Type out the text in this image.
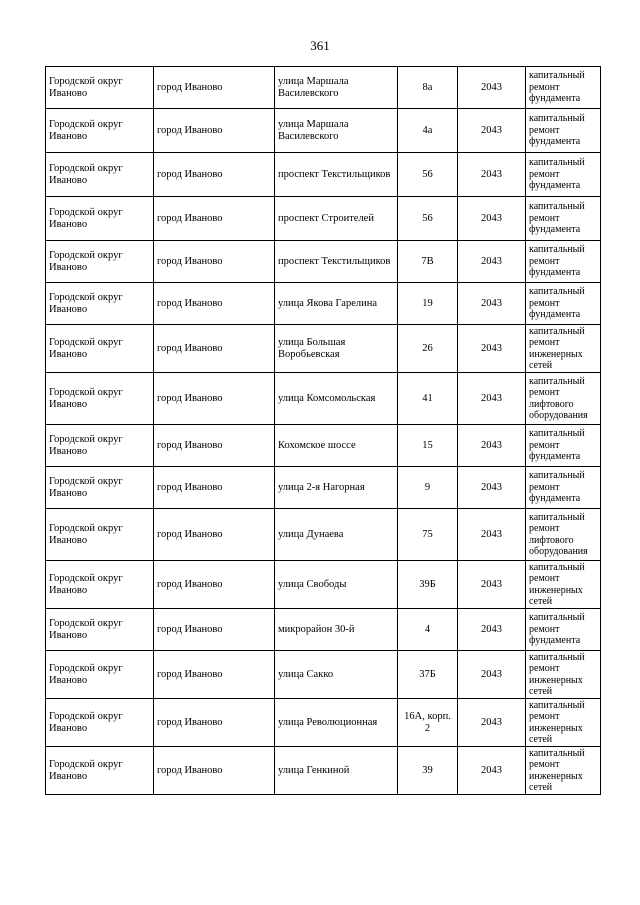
361
Городской округ Иваново	город Иваново	улица Маршала Василевского	8а	2043	капитальный ремонт фундамента
Городской округ Иваново	город Иваново	улица Маршала Василевского	4а	2043	капитальный ремонт фундамента
Городской округ Иваново	город Иваново	проспект Текстильщиков	56	2043	капитальный ремонт фундамента
Городской округ Иваново	город Иваново	проспект Строителей	56	2043	капитальный ремонт фундамента
Городской округ Иваново	город Иваново	проспект Текстильщиков	7В	2043	капитальный ремонт фундамента
Городской округ Иваново	город Иваново	улица Якова Гарелина	19	2043	капитальный ремонт фундамента
Городской округ Иваново	город Иваново	улица Большая Воробьевская	26	2043	капитальный ремонт инженерных сетей
Городской округ Иваново	город Иваново	улица Комсомольская	41	2043	капитальный ремонт лифтового оборудования
Городской округ Иваново	город Иваново	Кохомское шоссе	15	2043	капитальный ремонт фундамента
Городской округ Иваново	город Иваново	улица 2-я Нагорная	9	2043	капитальный ремонт фундамента
Городской округ Иваново	город Иваново	улица Дунаева	75	2043	капитальный ремонт лифтового оборудования
Городской округ Иваново	город Иваново	улица Свободы	39Б	2043	капитальный ремонт инженерных сетей
Городской округ Иваново	город Иваново	микрорайон 30-й	4	2043	капитальный ремонт фундамента
Городской округ Иваново	город Иваново	улица Сакко	37Б	2043	капитальный ремонт инженерных сетей
Городской округ Иваново	город Иваново	улица Революционная	16А, корп. 2	2043	капитальный ремонт инженерных сетей
Городской округ Иваново	город Иваново	улица Генкиной	39	2043	капитальный ремонт инженерных сетей
